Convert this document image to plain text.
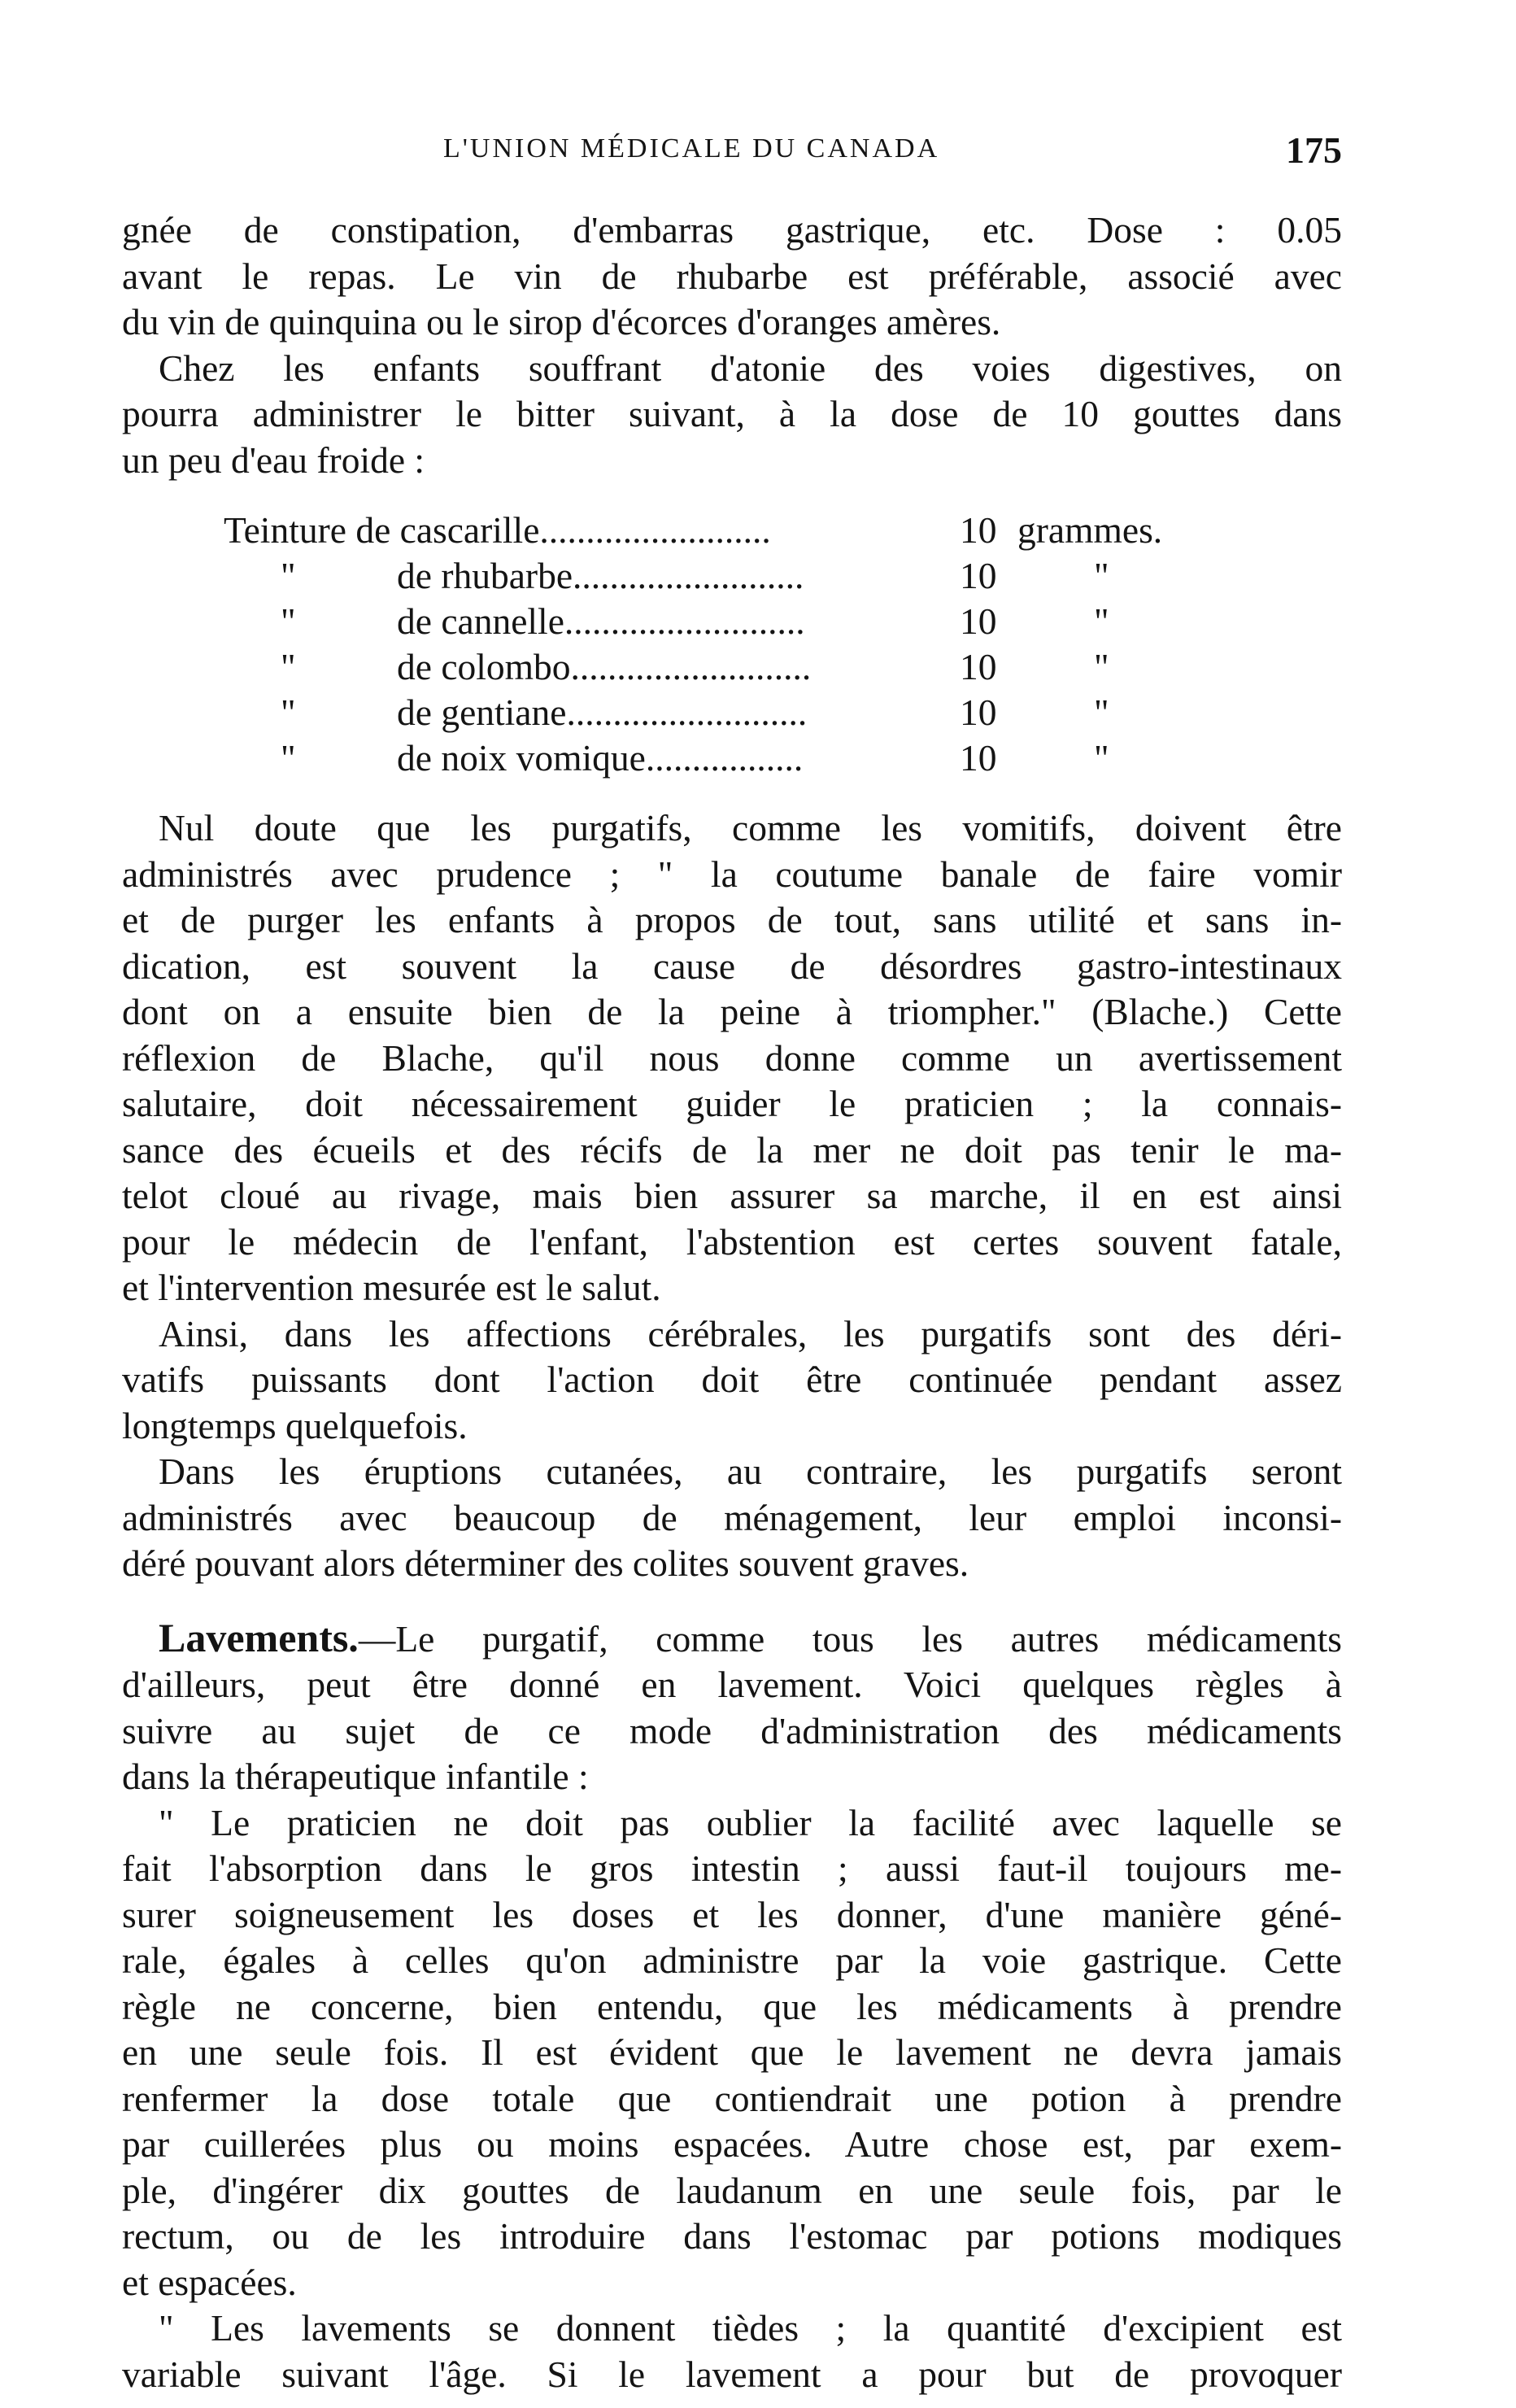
L'UNION MÉDICALE DU CANADA	175

gnée de constipation, d'embarras gastrique, etc. Dose : 0.05

avant le repas. Le vin de rhubarbe est préférable, associé avec

du vin de quinquina ou le sirop d'écorces d'oranges amères.

Chez les enfants souffrant d'atonie des voies digestives, on

pourra administrer le bitter suivant, à la dose de 10 gouttes dans

un peu d'eau froide :

Teinture de cascarille.........................	10 grammes.
"	de rhubarbe.........................	10	"
"	de cannelle..........................	10	"
"	de colombo..........................	10	"
"	de gentiane..........................	10	"
"	de noix vomique.................	10	"

Nul doute que les purgatifs, comme les vomitifs, doivent être

administrés avec prudence ; " la coutume banale de faire vomir

et de purger les enfants à propos de tout, sans utilité et sans in-

dication, est souvent la cause de désordres gastro-intestinaux

dont on a ensuite bien de la peine à triompher." (Blache.) Cette

réflexion de Blache, qu'il nous donne comme un avertissement

salutaire, doit nécessairement guider le praticien ; la connais-

sance des écueils et des récifs de la mer ne doit pas tenir le ma-

telot cloué au rivage, mais bien assurer sa marche, il en est ainsi

pour le médecin de l'enfant, l'abstention est certes souvent fatale,

et l'intervention mesurée est le salut.

Ainsi, dans les affections cérébrales, les purgatifs sont des déri-

vatifs puissants dont l'action doit être continuée pendant assez

longtemps quelquefois.

Dans les éruptions cutanées, au contraire, les purgatifs seront

administrés avec beaucoup de ménagement, leur emploi inconsi-

déré pouvant alors déterminer des colites souvent graves.

Lavements.—Le purgatif, comme tous les autres médicaments

d'ailleurs, peut être donné en lavement. Voici quelques règles à

suivre au sujet de ce mode d'administration des médicaments

dans la thérapeutique infantile :

" Le praticien ne doit pas oublier la facilité avec laquelle se

fait l'absorption dans le gros intestin ; aussi faut-il toujours me-

surer soigneusement les doses et les donner, d'une manière géné-

rale, égales à celles qu'on administre par la voie gastrique. Cette

règle ne concerne, bien entendu, que les médicaments à prendre

en une seule fois. Il est évident que le lavement ne devra jamais

renfermer la dose totale que contiendrait une potion à prendre

par cuillerées plus ou moins espacées. Autre chose est, par exem-

ple, d'ingérer dix gouttes de laudanum en une seule fois, par le

rectum, ou de les introduire dans l'estomac par potions modiques

et espacées.

" Les lavements se donnent tièdes ; la quantité d'excipient est

variable suivant l'âge. Si le lavement a pour but de provoquer
